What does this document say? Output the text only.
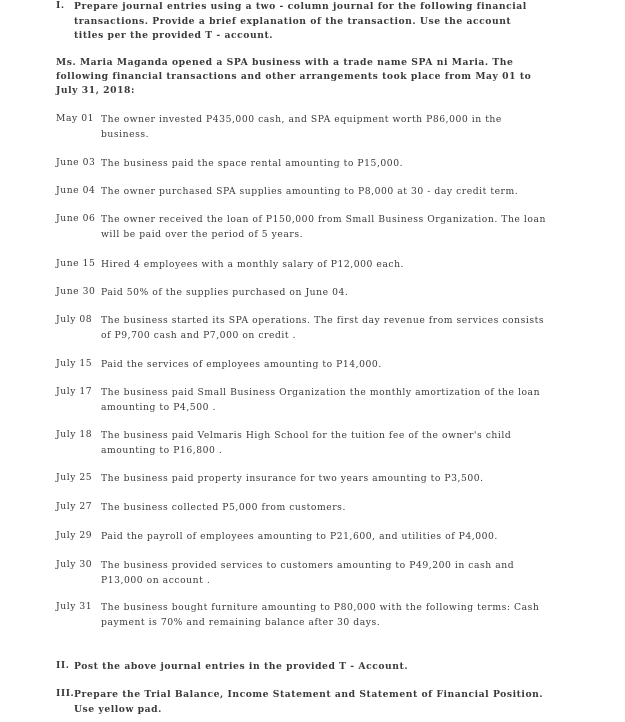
I. Prepare journal entries using a two - column journal for the following financial transactions. Provide a brief explanation of the transaction. Use the account titles per the provided T - account.
Ms. Maria Maganda opened a SPA business with a trade name SPA ni Maria. The following financial transactions and other arrangements took place from May 01 to July 31, 2018:
May 01 The owner invested P435,000 cash, and SPA equipment worth P86,000 in the business.
June 03 The business paid the space rental amounting to P15,000.
June 04 The owner purchased SPA supplies amounting to P8,000 at 30 - day credit term.
June 06 The owner received the loan of P150,000 from Small Business Organization. The loan will be paid over the period of 5 years.
June 15 Hired 4 employees with a monthly salary of P12,000 each.
June 30 Paid 50% of the supplies purchased on June 04.
July 08 The business started its SPA operations. The first day revenue from services consists of P9,700 cash and P7,000 on credit .
July 15 Paid the services of employees amounting to P14,000.
July 17 The business paid Small Business Organization the monthly amortization of the loan amounting to P4,500 .
July 18 The business paid Velmaris High School for the tuition fee of the owner's child amounting to P16,800 .
July 25 The business paid property insurance for two years amounting to P3,500.
July 27 The business collected P5,000 from customers.
July 29 Paid the payroll of employees amounting to P21,600, and utilities of P4,000.
July 30 The business provided services to customers amounting to P49,200 in cash and P13,000 on account .
July 31 The business bought furniture amounting to P80,000 with the following terms: Cash payment is 70% and remaining balance after 30 days.
II. Post the above journal entries in the provided T - Account.
III. Prepare the Trial Balance, Income Statement and Statement of Financial Position. Use yellow pad.
